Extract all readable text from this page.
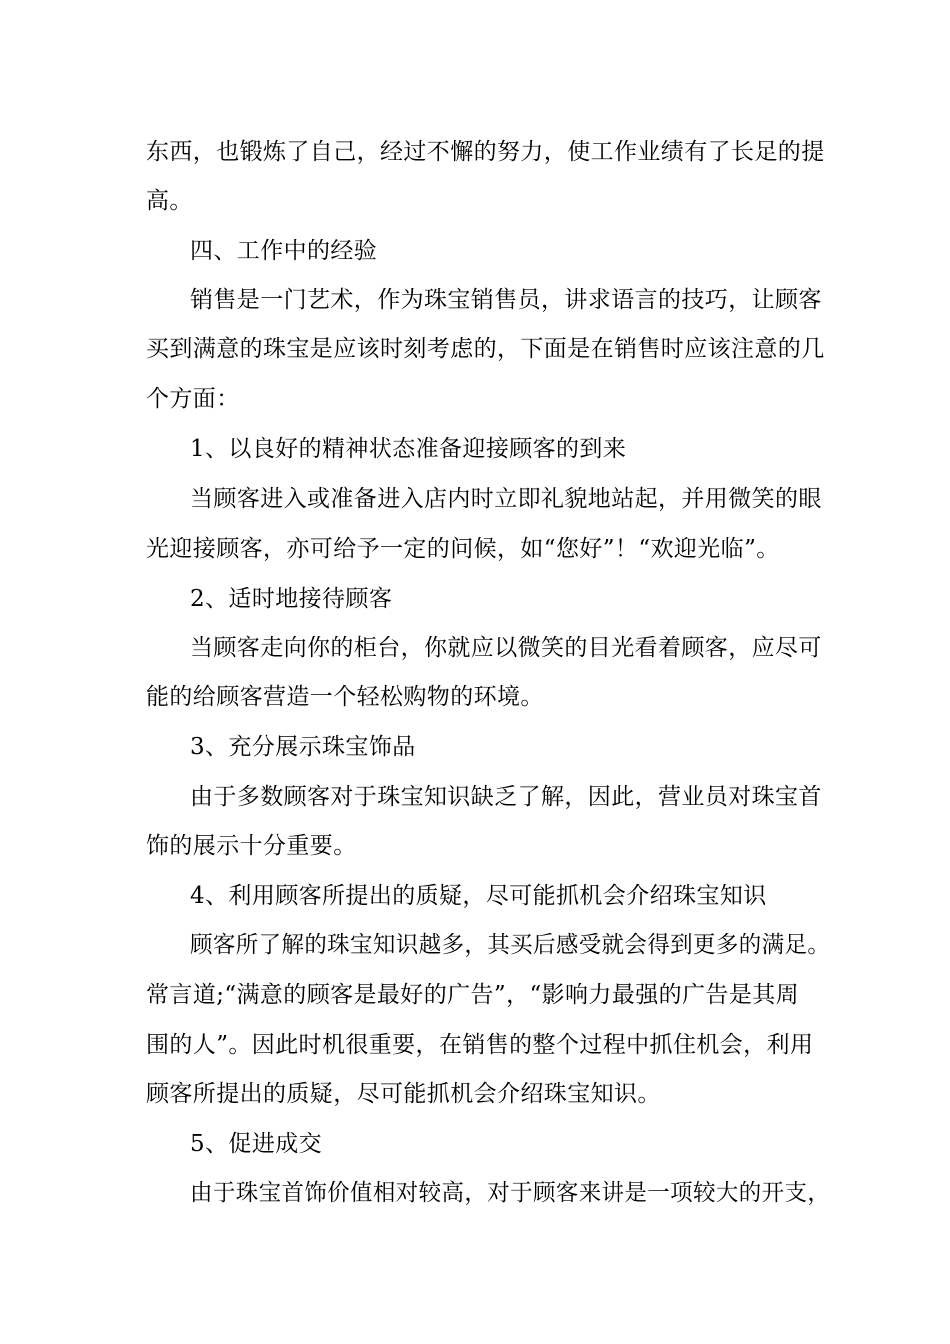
东西，也锻炼了自己，经过不懈的努力，使工作业绩有了长足的提
高。
四、工作中的经验
销售是一门艺术，作为珠宝销售员，讲求语言的技巧，让顾客
买到满意的珠宝是应该时刻考虑的，下面是在销售时应该注意的几
个方面：
1、以良好的精神状态准备迎接顾客的到来
当顾客进入或准备进入店内时立即礼貌地站起，并用微笑的眼
光迎接顾客，亦可给予一定的问候，如“您好”！“欢迎光临”。
2、适时地接待顾客
当顾客走向你的柜台，你就应以微笑的目光看着顾客，应尽可
能的给顾客营造一个轻松购物的环境。
3、充分展示珠宝饰品
由于多数顾客对于珠宝知识缺乏了解，因此，营业员对珠宝首
饰的展示十分重要。
4、利用顾客所提出的质疑，尽可能抓机会介绍珠宝知识
顾客所了解的珠宝知识越多，其买后感受就会得到更多的满足。
常言道;“满意的顾客是最好的广告”，“影响力最强的广告是其周
围的人”。因此时机很重要，在销售的整个过程中抓住机会，利用
顾客所提出的质疑，尽可能抓机会介绍珠宝知识。
5、促进成交
由于珠宝首饰价值相对较高，对于顾客来讲是一项较大的开支，
